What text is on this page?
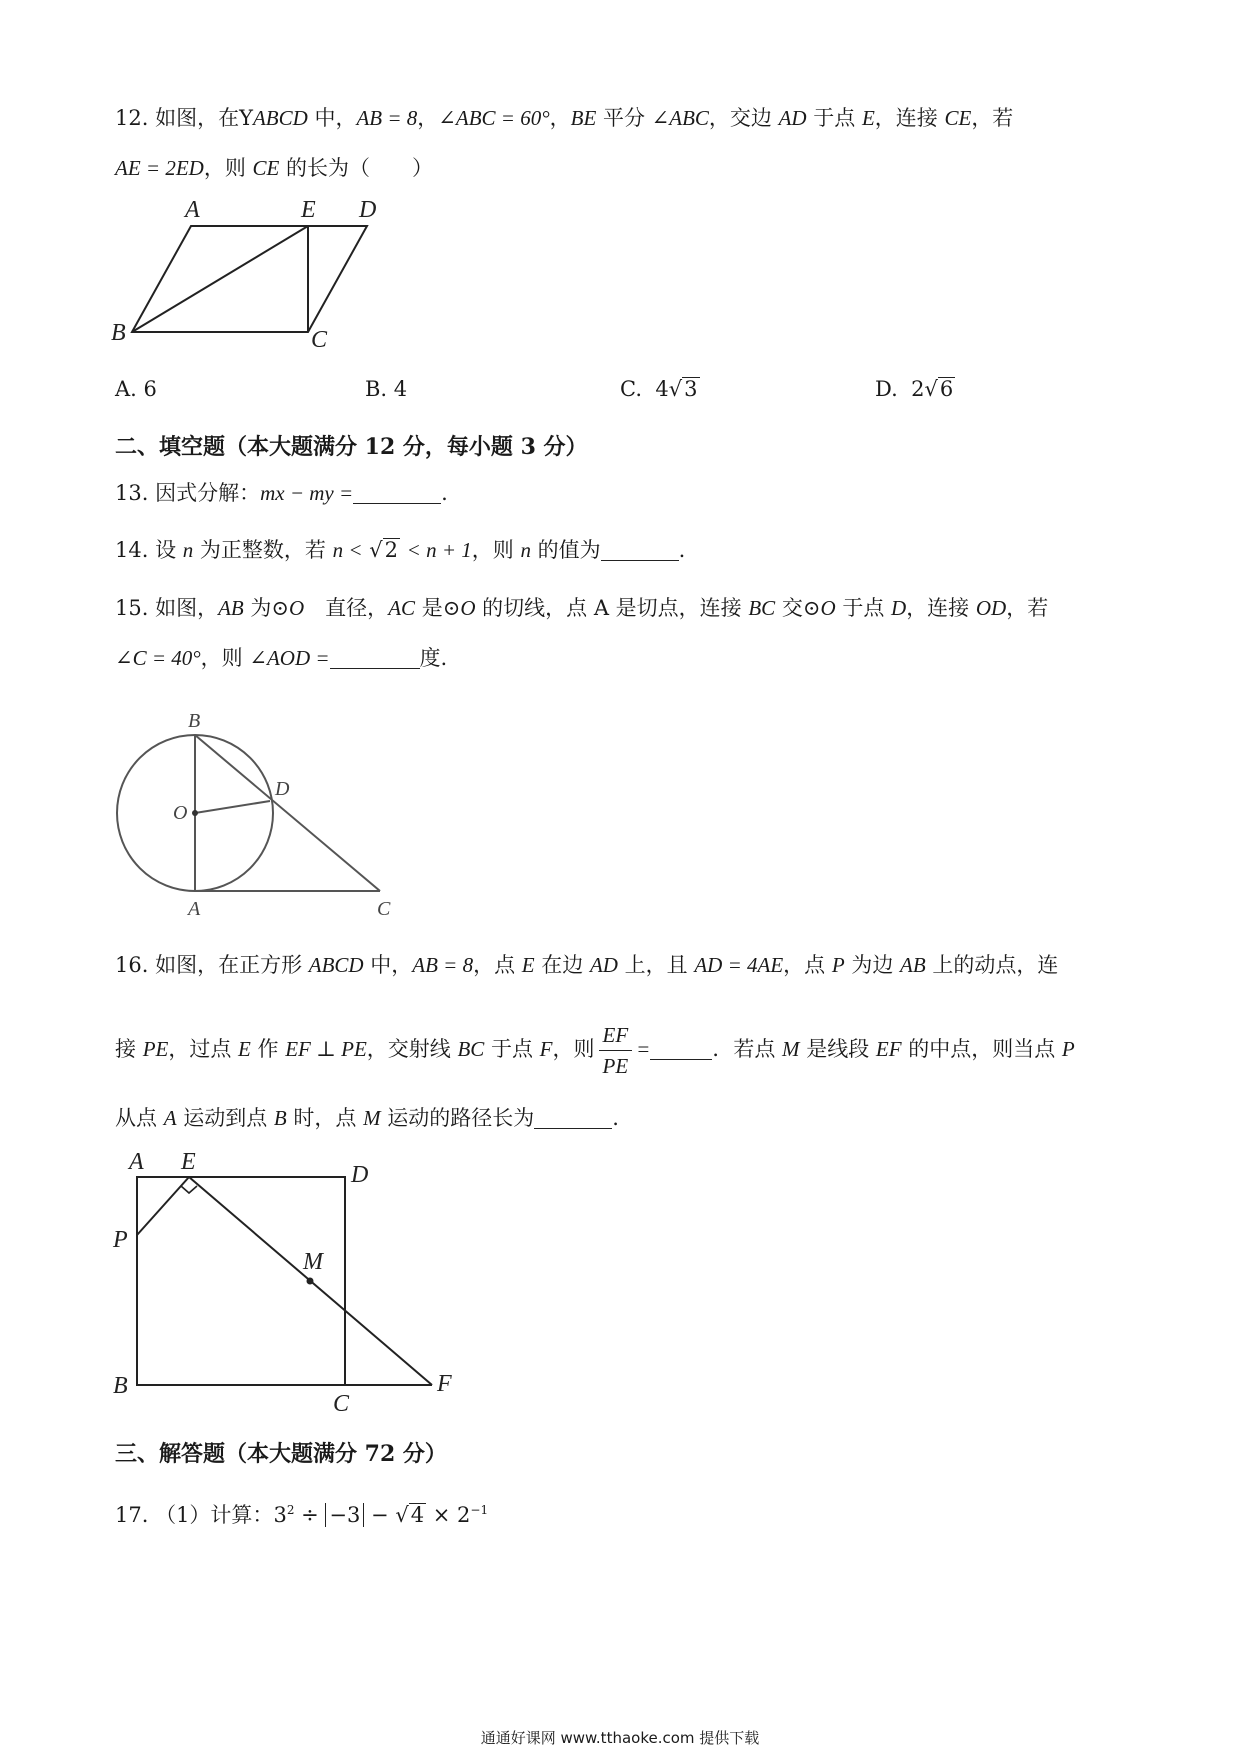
12. 如图，在YABCD 中，AB = 8，∠ABC = 60°，BE 平分 ∠ABC，交边 AD 于点 E，连接 CE，若
AE = 2ED，则 CE 的长为（　　）
A	E D
B	C
A. 6	B. 4	C. 4√3	D. 2√6
二、填空题（本大题满分 12 分，每小题 3 分）
13. 因式分解：mx − my =	.
14. 设 n 为正整数，若 n < √2 < n + 1，则 n 的值为	.
15. 如图，AB 为⊙O　直径，AC 是⊙O 的切线，点 A 是切点，连接 BC 交⊙O 于点 D，连接 OD，若
∠C = 40°，则 ∠AOD =	度.
B
D
O
A	C
16. 如图，在正方形 ABCD 中，AB = 8，点 E 在边 AD 上，且 AD = 4AE，点 P 为边 AB 上的动点，连
接 PE，过点 E 作 EF ⊥ PE，交射线 BC 于点 F，则 $\frac{EF}{PE}$ =	．若点 M 是线段 EF 的中点，则当点 P
从点 A 运动到点 B 时，点 M 运动的路径长为	.
A E	D
P
M
B
C
F
三、解答题（本大题满分 72 分）
17. （1）计算：$3^2 \div -3 - √4 \times 2^{-1}$
通通好课网 www.tthaoke.com 提供下载
